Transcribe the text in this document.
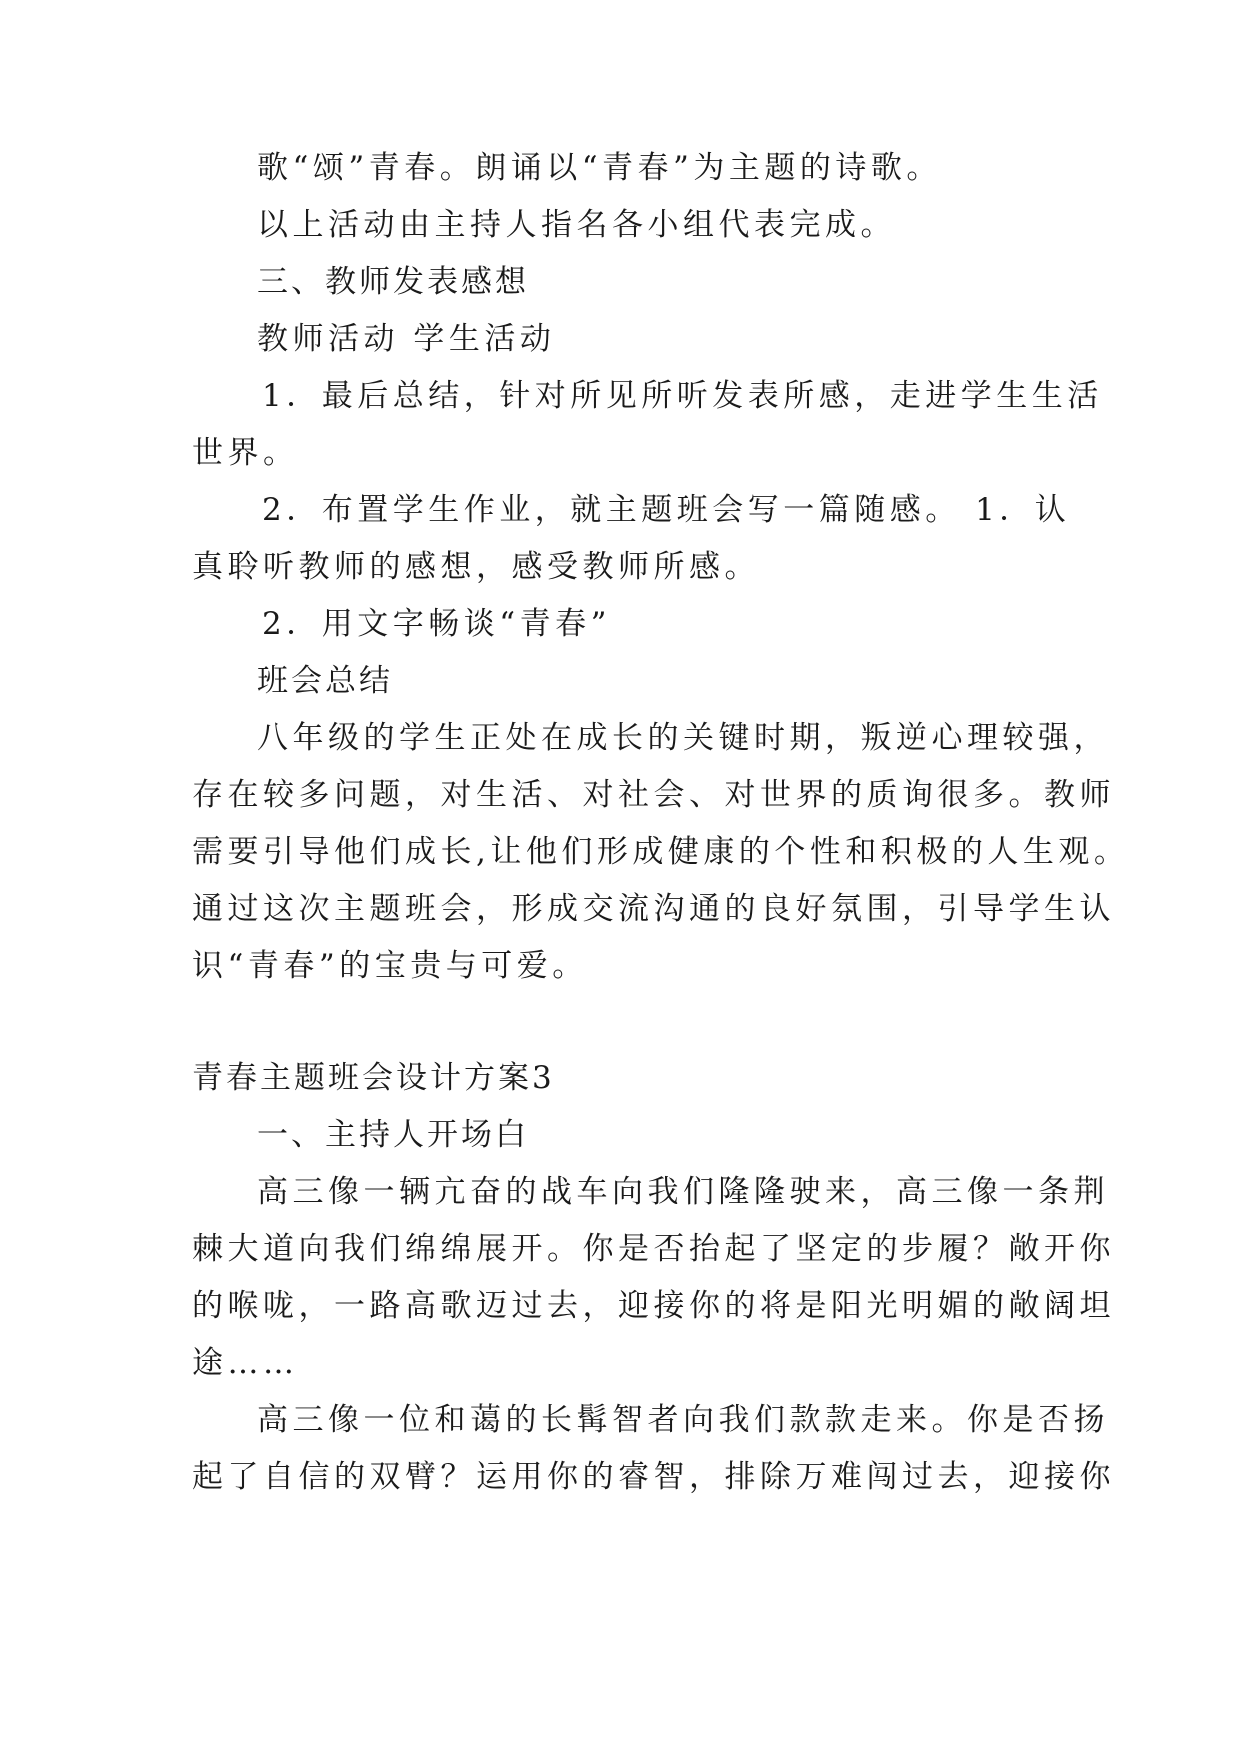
歌“颂”青春。朗诵以“青春”为主题的诗歌。
以上活动由主持人指名各小组代表完成。
三、教师发表感想
教师活动 学生活动
1．最后总结，针对所见所听发表所感，走进学生生活
世界。
2．布置学生作业，就主题班会写一篇随感。 1．认
真聆听教师的感想，感受教师所感。
2．用文字畅谈“青春”
班会总结
八年级的学生正处在成长的关键时期，叛逆心理较强，
存在较多问题，对生活、对社会、对世界的质询很多。教师
需要引导他们成长,让他们形成健康的个性和积极的人生观。
通过这次主题班会，形成交流沟通的良好氛围，引导学生认
识“青春”的宝贵与可爱。
青春主题班会设计方案3
一、主持人开场白
高三像一辆亢奋的战车向我们隆隆驶来，高三像一条荆
棘大道向我们绵绵展开。你是否抬起了坚定的步履？敞开你
的喉咙，一路高歌迈过去，迎接你的将是阳光明媚的敞阔坦
途……
高三像一位和蔼的长髯智者向我们款款走来。你是否扬
起了自信的双臂？运用你的睿智，排除万难闯过去，迎接你
